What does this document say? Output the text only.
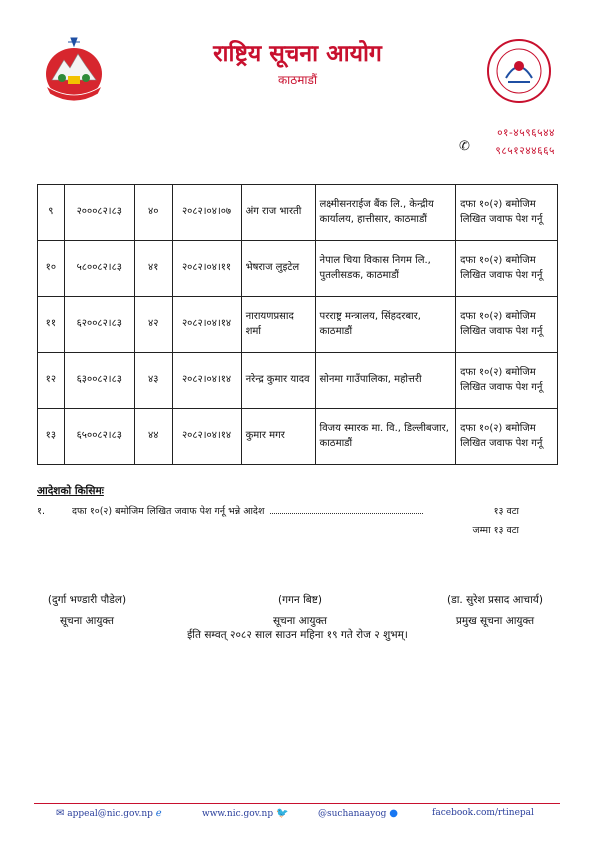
राष्ट्रिय सूचना आयोग
काठमाडौं
०१-४५९६५४४
✆ ९८५१२४४६६५
९	२०००८२।८३	४०	२०८२।०४।०७	अंग राज भारती	लक्ष्मीसनराईज बैंक लि., केन्द्रीय कार्यालय, हात्तीसार, काठमाडौं	दफा १०(२) बमोजिम लिखित जवाफ पेश गर्नू
१०	५८००८२।८३	४१	२०८२।०४।११	भेषराज लुइटेल	नेपाल चिया विकास निगम लि., पुतलीसडक, काठमाडौं	दफा १०(२) बमोजिम लिखित जवाफ पेश गर्नू
११	६२००८२।८३	४२	२०८२।०४।१४	नारायणप्रसाद शर्मा	परराष्ट्र मन्त्रालय, सिंहदरबार, काठमाडौं	दफा १०(२) बमोजिम लिखित जवाफ पेश गर्नू
१२	६३००८२।८३	४३	२०८२।०४।१४	नरेन्द्र कुमार यादव	सोनमा गाउँपालिका, महोत्तरी	दफा १०(२) बमोजिम लिखित जवाफ पेश गर्नू
१३	६५००८२।८३	४४	२०८२।०४।१४	कुमार मगर	विजय स्मारक मा. वि., डिल्लीबजार, काठमाडौं	दफा १०(२) बमोजिम लिखित जवाफ पेश गर्नू
आदेशको किसिमः
१.	दफा १०(२) बमोजिम लिखित जवाफ पेश गर्नू भन्ने आदेश	१३ वटा
जम्मा १३ वटा
(दुर्गा भण्डारी पौडेल)
सूचना आयुक्त
(गगन बिष्ट)
सूचना आयुक्त
(डा. सुरेश प्रसाद आचार्य)
प्रमुख सूचना आयुक्त
ईति सम्वत् २०८२ साल साउन महिना १९ गते रोज २ शुभम्।
✉ appeal@nic.gov.np ℯ	www.nic.gov.np 🐦	@suchanaayog ●	facebook.com/rtinepal
